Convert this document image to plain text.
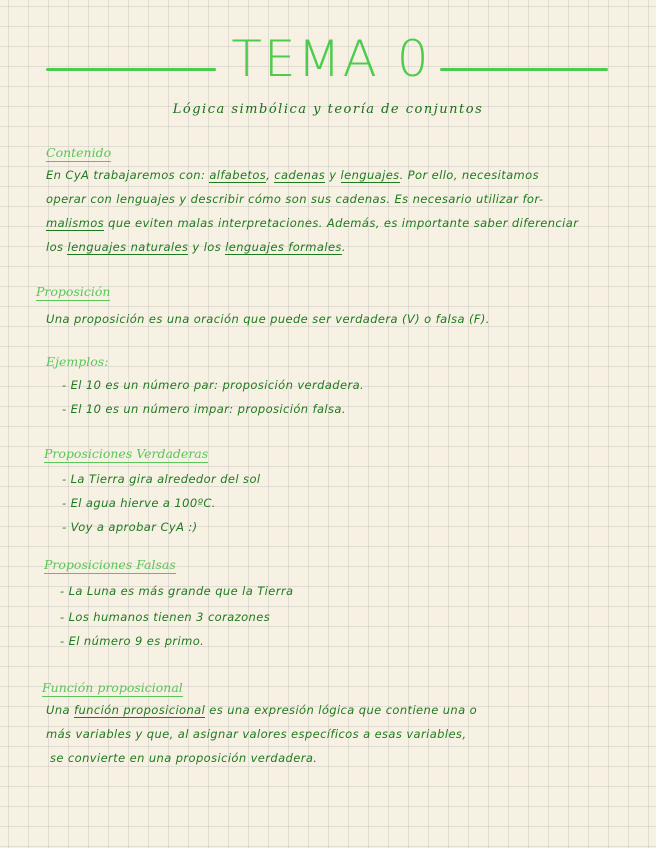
TEMA 0
Lógica simbólica y teoría de conjuntos
Contenido
En CyA trabajaremos con: alfabetos, cadenas y lenguajes. Por ello, necesitamos
operar con lenguajes y describir cómo son sus cadenas. Es necesario utilizar for-
malismos que eviten malas interpretaciones. Además, es importante saber diferenciar
los lenguajes naturales y los lenguajes formales.
Proposición
Una proposición es una oración que puede ser verdadera (V) o falsa (F).
Ejemplos:
- El 10 es un número par: proposición verdadera.
- El 10 es un número impar: proposición falsa.
Proposiciones Verdaderas
- La Tierra gira alrededor del sol
- El agua hierve a 100ºC.
- Voy a aprobar CyA :)
Proposiciones Falsas
- La Luna es más grande que la Tierra
- Los humanos tienen 3 corazones
- El número 9 es primo.
Función proposicional
Una función proposicional es una expresión lógica que contiene una o
más variables y que, al asignar valores específicos a esas variables,
se convierte en una proposición verdadera.
